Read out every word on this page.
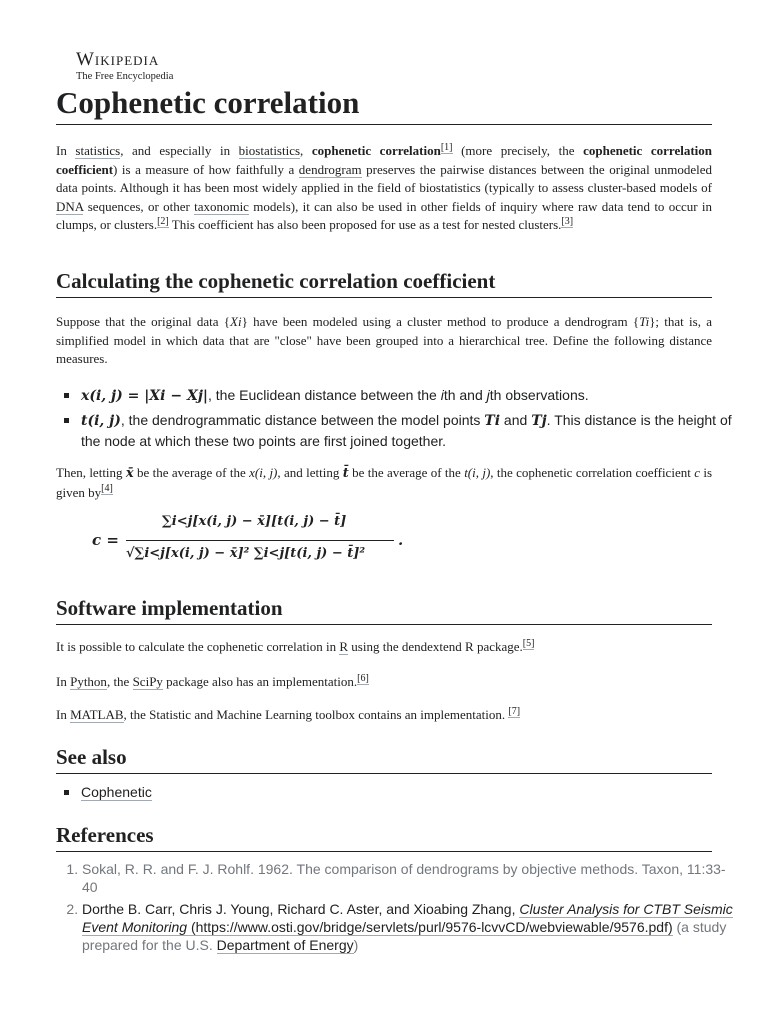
Wikipedia
The Free Encyclopedia
Cophenetic correlation

In statistics, and especially in biostatistics, cophenetic correlation[1] (more precisely, the cophenetic correlation coefficient) is a measure of how faithfully a dendrogram preserves the pairwise distances between the original unmodeled data points. Although it has been most widely applied in the field of biostatistics (typically to assess cluster-based models of DNA sequences, or other taxonomic models), it can also be used in other fields of inquiry where raw data tend to occur in clumps, or clusters.[2] This coefficient has also been proposed for use as a test for nested clusters.[3]

Calculating the cophenetic correlation coefficient

Suppose that the original data {Xi} have been modeled using a cluster method to produce a dendrogram {Ti}; that is, a simplified model in which data that are "close" have been grouped into a hierarchical tree. Define the following distance measures.

x(i, j) = |Xi − Xj|, the Euclidean distance between the ith and jth observations.
t(i, j), the dendrogrammatic distance between the model points Ti and Tj. This distance is the height of the node at which these two points are first joined together.

Then, letting x̄ be the average of the x(i, j), and letting t̄ be the average of the t(i, j), the cophenetic correlation coefficient c is given by[4]

c =
∑i<j[x(i, j) − x̄][t(i, j) − t̄]
√∑i<j[x(i, j) − x̄]² ∑i<j[t(i, j) − t̄]²
.
Software implementation

It is possible to calculate the cophenetic correlation in R using the dendextend R package.[5]

In Python, the SciPy package also has an implementation.[6]

In MATLAB, the Statistic and Machine Learning toolbox contains an implementation. [7]

See also
Cophenetic
References
1. Sokal, R. R. and F. J. Rohlf. 1962. The comparison of dendrograms by objective methods. Taxon, 11:33-40
2. Dorthe B. Carr, Chris J. Young, Richard C. Aster, and Xioabing Zhang, Cluster Analysis for CTBT Seismic Event Monitoring (https://www.osti.gov/bridge/servlets/purl/9576-lcvvCD/webviewable/9576.pdf) (a study prepared for the U.S. Department of Energy)
